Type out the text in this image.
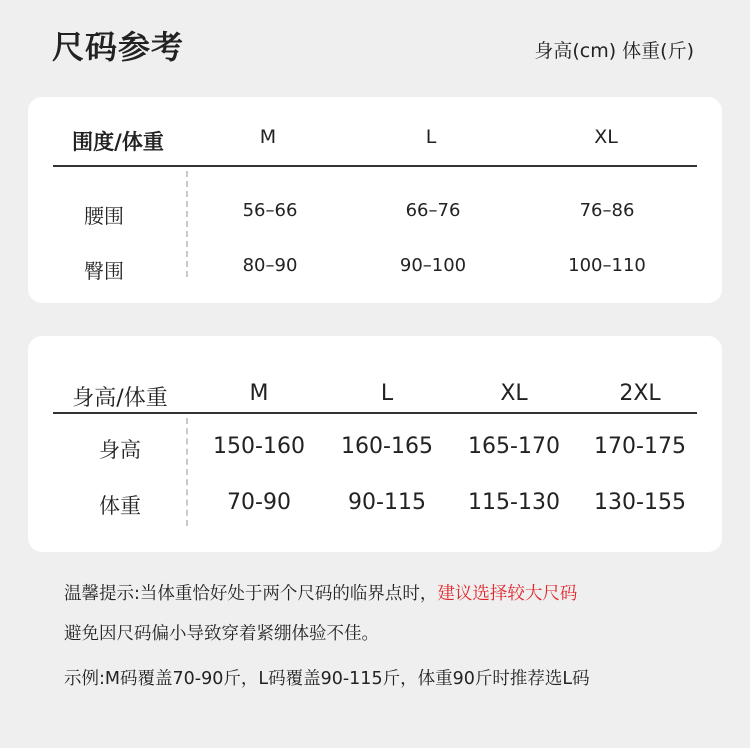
尺码参考	身高(cm) 体重(斤)
围度/体重	M	L	XL
腰围	56–66	66–76	76–86
臀围	80–90	90–100	100–110
身高/体重	M	L	XL	2XL
身高	150-160 160-165 165-170 170-175
体重	70-90	90-115 115-130 130-155
温馨提示:当体重恰好处于两个尺码的临界点时，建议选择较大尺码
避免因尺码偏小导致穿着紧绷体验不佳。
示例:M码覆盖70-90斤，L码覆盖90-115斤，体重90斤时推荐选L码
